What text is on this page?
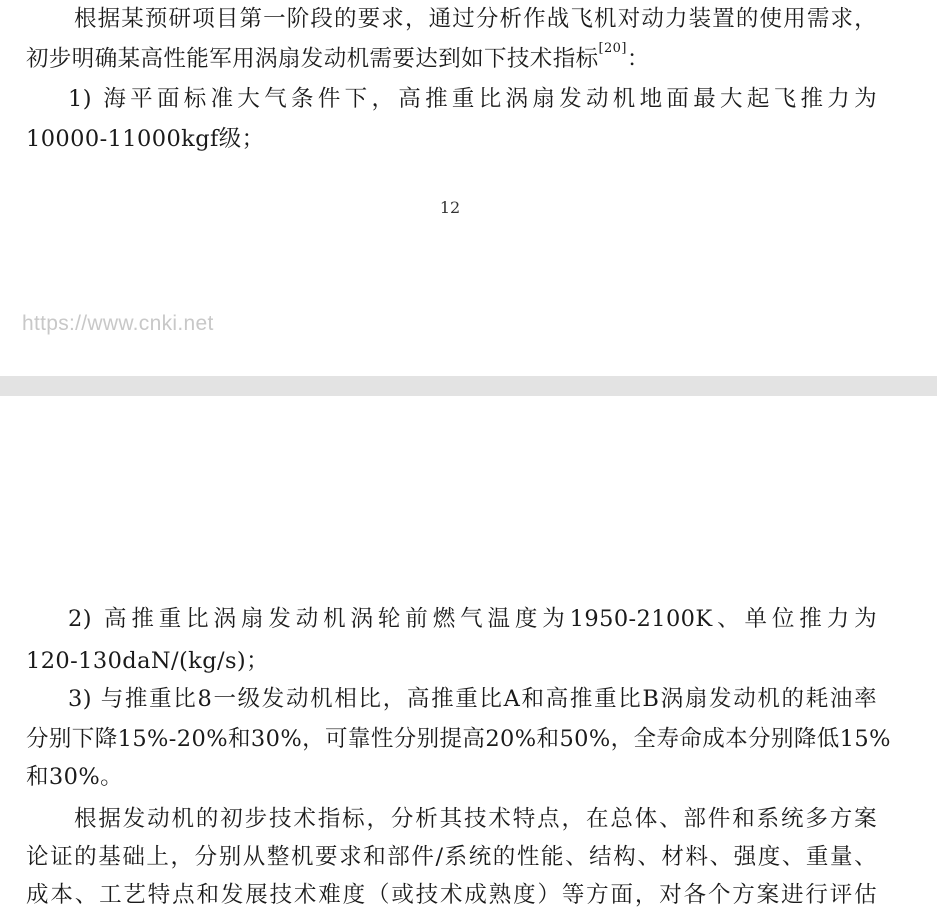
根据某预研项目第一阶段的要求，通过分析作战飞机对动力装置的使用需求，
初步明确某高性能军用涡扇发动机需要达到如下技术指标[20]：
1) 海平面标准大气条件下，高推重比涡扇发动机地面最大起飞推力为
10000-11000kgf级；
12
https://www.cnki.net
2) 高推重比涡扇发动机涡轮前燃气温度为1950-2100K、单位推力为
120-130daN/(kg/s)；
3) 与推重比8一级发动机相比，高推重比A和高推重比B涡扇发动机的耗油率
分别下降15%-20%和30%，可靠性分别提高20%和50%，全寿命成本分别降低15%
和30%。
根据发动机的初步技术指标，分析其技术特点，在总体、部件和系统多方案
论证的基础上，分别从整机要求和部件/系统的性能、结构、材料、强度、重量、
成本、工艺特点和发展技术难度（或技术成熟度）等方面，对各个方案进行评估
